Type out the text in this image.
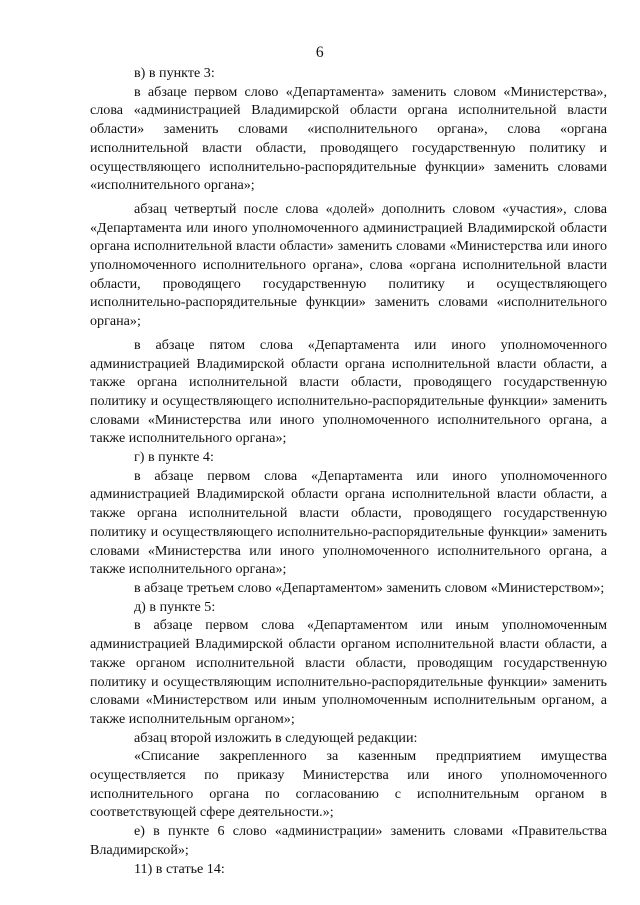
6

в) в пункте 3:

в абзаце первом слово «Департамента» заменить словом «Министерства», слова «администрацией Владимирской области органа исполнительной власти области» заменить словами «исполнительного органа», слова «органа исполнительной власти области, проводящего государственную политику и осуществляющего исполнительно-распорядительные функции» заменить словами «исполнительного органа»;

абзац четвертый после слова «долей» дополнить словом «участия», слова «Департамента или иного уполномоченного администрацией Владимирской области органа исполнительной власти области» заменить словами «Министерства или иного уполномоченного исполнительного органа», слова «органа исполнительной власти области, проводящего государственную политику и осуществляющего исполнительно-распорядительные функции» заменить словами «исполнительного органа»;

в абзаце пятом слова «Департамента или иного уполномоченного администрацией Владимирской области органа исполнительной власти области, а также органа исполнительной власти области, проводящего государственную политику и осуществляющего исполнительно-распорядительные функции» заменить словами «Министерства или иного уполномоченного исполнительного органа, а также исполнительного органа»;

г) в пункте 4:

в абзаце первом слова «Департамента или иного уполномоченного администрацией Владимирской области органа исполнительной власти области, а также органа исполнительной власти области, проводящего государственную политику и осуществляющего исполнительно-распорядительные функции» заменить словами «Министерства или иного уполномоченного исполнительного органа, а также исполнительного органа»;

в абзаце третьем слово «Департаментом» заменить словом «Министерством»;

д) в пункте 5:

в абзаце первом слова «Департаментом или иным уполномоченным администрацией Владимирской области органом исполнительной власти области, а также органом исполнительной власти области, проводящим государственную политику и осуществляющим исполнительно-распорядительные функции» заменить словами «Министерством или иным уполномоченным исполнительным органом, а также исполнительным органом»;

абзац второй изложить в следующей редакции:

«Списание закрепленного за казенным предприятием имущества осуществляется по приказу Министерства или иного уполномоченного исполнительного органа по согласованию с исполнительным органом в соответствующей сфере деятельности.»;

е) в пункте 6 слово «администрации» заменить словами «Правительства Владимирской»;

11) в статье 14:
